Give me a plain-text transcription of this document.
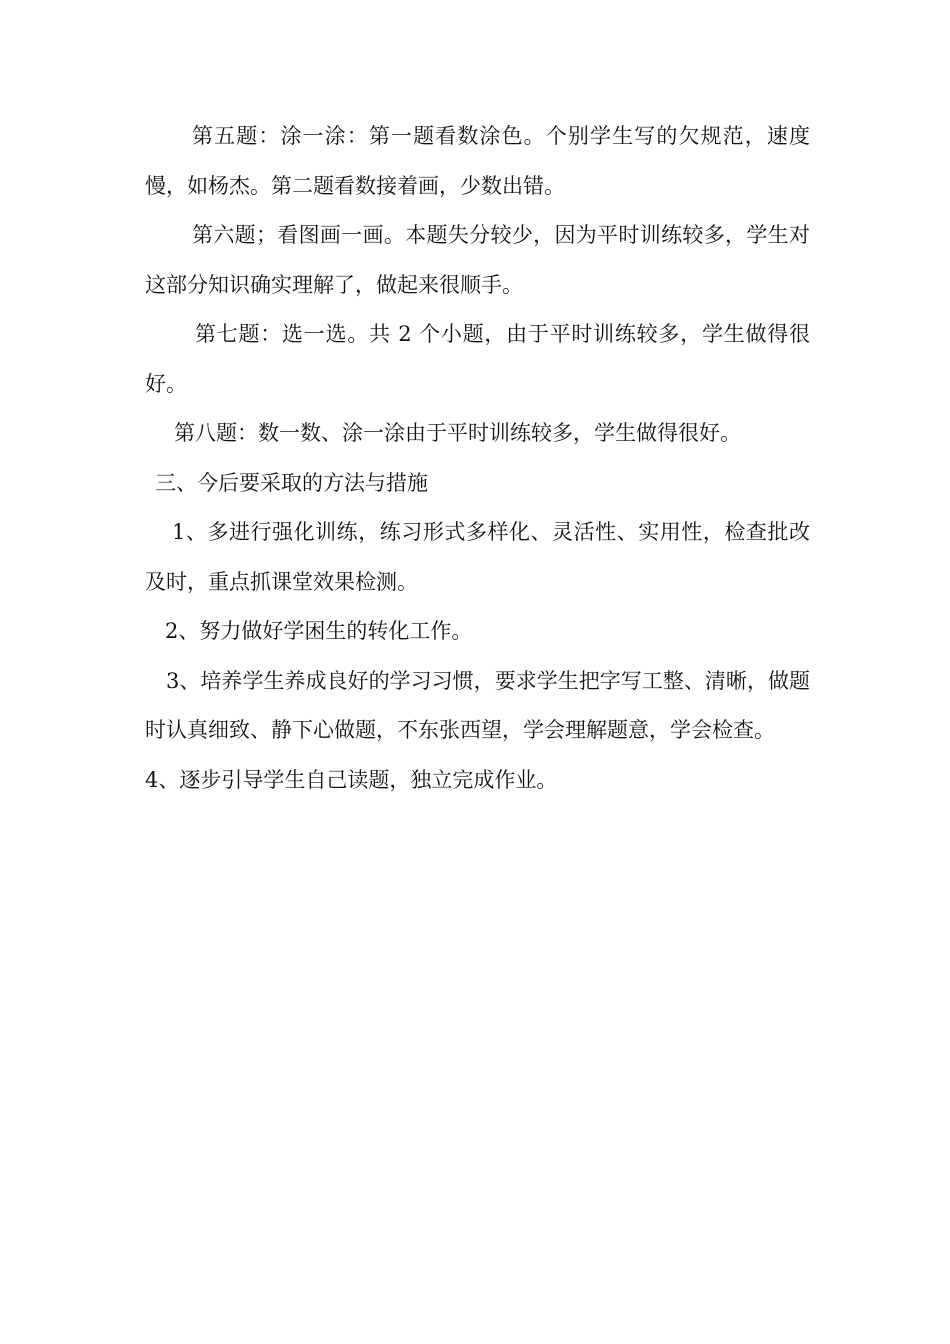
第五题：涂一涂：第一题看数涂色。个别学生写的欠规范，速度慢，如杨杰。第二题看数接着画，少数出错。

第六题；看图画一画。本题失分较少，因为平时训练较多，学生对这部分知识确实理解了，做起来很顺手。

第七题：选一选。共 2 个小题，由于平时训练较多，学生做得很好。

第八题：数一数、涂一涂由于平时训练较多，学生做得很好。

三、今后要采取的方法与措施

1、多进行强化训练，练习形式多样化、灵活性、实用性，检查批改及时，重点抓课堂效果检测。

2、努力做好学困生的转化工作。

3、培养学生养成良好的学习习惯，要求学生把字写工整、清晰，做题时认真细致、静下心做题，不东张西望，学会理解题意，学会检查。

4、逐步引导学生自己读题，独立完成作业。
